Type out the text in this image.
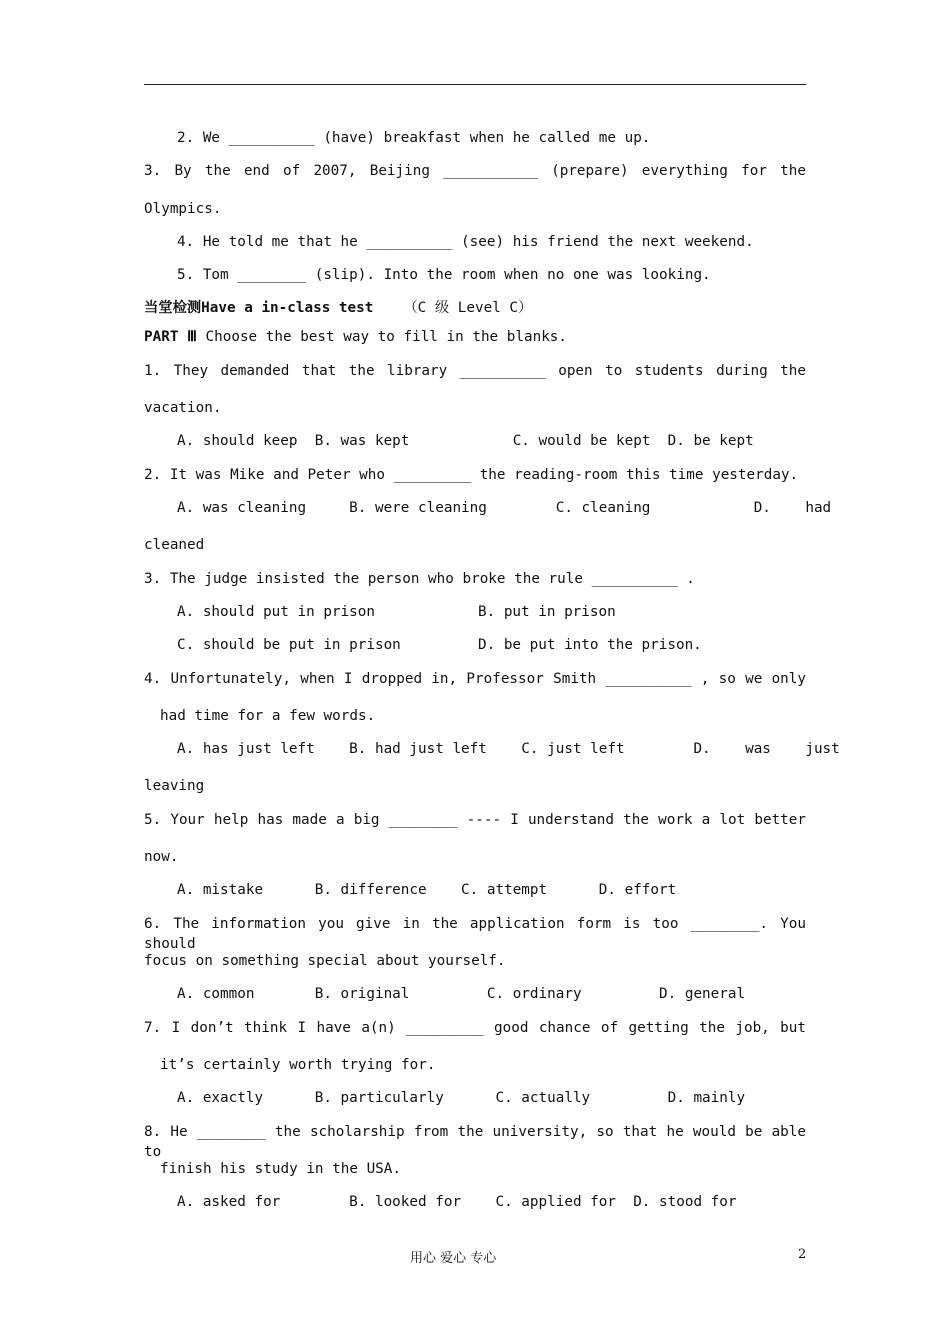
2. We __________ (have) breakfast when he called me up.
3. By the end of 2007, Beijing ___________ (prepare) everything for the
Olympics.
4. He told me that he __________ (see) his friend the next weekend.
5. Tom ________ (slip). Into the room when no one was looking.
当堂检测Have a in-class test （C 级 Level C）
PART Ⅲ Choose the best way to fill in the blanks.
1. They demanded that the library __________ open to students during the
vacation.
A. should keep  B. was kept            C. would be kept  D. be kept
2. It was Mike and Peter who _________ the reading-room this time yesterday.
A. was cleaning     B. were cleaning        C. cleaning            D.    had
cleaned
3. The judge insisted the person who broke the rule __________ .
A. should put in prison	B. put in prison
C. should be put in prison	D. be put into the prison.
4. Unfortunately, when I dropped in, Professor Smith __________ , so we only
had time for a few words.
A. has just left    B. had just left    C. just left        D.    was    just
leaving
5. Your help has made a big ________ ---- I understand the work a lot better
now.
A. mistake      B. difference    C. attempt      D. effort
6. The information you give in the application form is too ________. You should
focus on something special about yourself.
A. common       B. original         C. ordinary         D. general
7. I don’t think I have a(n) _________ good chance of getting the job, but
it’s certainly worth trying for.
A. exactly      B. particularly      C. actually         D. mainly
8. He ________ the scholarship from the university, so that he would be able to
finish his study in the USA.
A. asked for        B. looked for    C. applied for  D. stood for
用心 爱心 专心	2
